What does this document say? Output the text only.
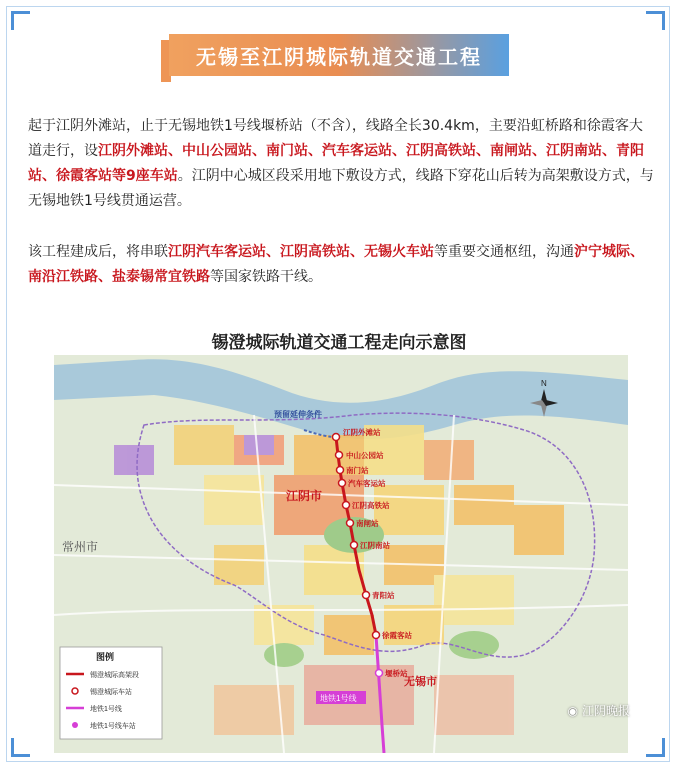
无锡至江阴城际轨道交通工程
起于江阴外滩站，止于无锡地铁1号线堰桥站（不含），线路全长30.4km，主要沿虹桥路和徐霞客大道走行，设江阴外滩站、中山公园站、南门站、汽车客运站、江阴高铁站、南闸站、江阴南站、青阳站、徐霞客站等9座车站。江阴中心城区段采用地下敷设方式，线路下穿花山后转为高架敷设方式，与无锡地铁1号线贯通运营。
该工程建成后，将串联江阴汽车客运站、江阴高铁站、无锡火车站等重要交通枢纽，沟通沪宁城际、南沿江铁路、盐泰锡常宜铁路等国家铁路干线。
锡澄城际轨道交通工程走向示意图
江阴外滩站
中山公园站
南门站
汽车客运站
江阴高铁站
南闸站
江阴南站
青阳站
徐霞客站
堰桥站
预留延伸条件
江阴市
常州市
无锡市
地铁1号线
N
图例
锡澄城际高架段
锡澄城际车站
地铁1号线
地铁1号线车站
◉ 江阴晚报
